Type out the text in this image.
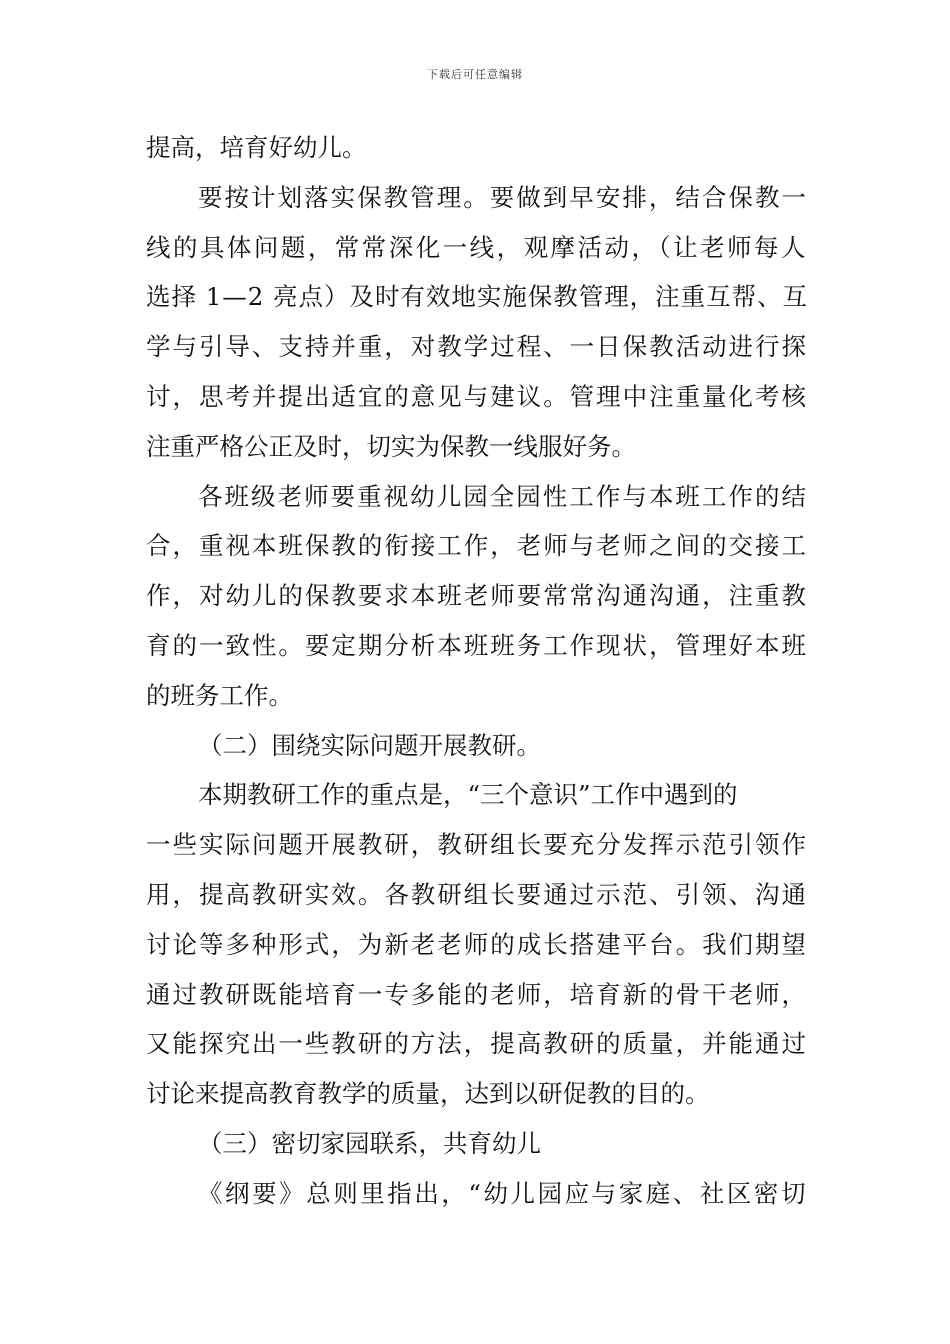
下载后可任意编辑
提高，培育好幼儿。
要按计划落实保教管理。要做到早安排，结合保教一
线的具体问题，常常深化一线，观摩活动，（让老师每人
选择 1—2 亮点）及时有效地实施保教管理，注重互帮、互
学与引导、支持并重，对教学过程、一日保教活动进行探
讨，思考并提出适宜的意见与建议。管理中注重量化考核
注重严格公正及时，切实为保教一线服好务。
各班级老师要重视幼儿园全园性工作与本班工作的结
合，重视本班保教的衔接工作，老师与老师之间的交接工
作，对幼儿的保教要求本班老师要常常沟通沟通，注重教
育的一致性。要定期分析本班班务工作现状，管理好本班
的班务工作。
（二）围绕实际问题开展教研。
本期教研工作的重点是，“三个意识”工作中遇到的
一些实际问题开展教研，教研组长要充分发挥示范引领作
用，提高教研实效。各教研组长要通过示范、引领、沟通
讨论等多种形式，为新老老师的成长搭建平台。我们期望
通过教研既能培育一专多能的老师，培育新的骨干老师，
又能探究出一些教研的方法，提高教研的质量，并能通过
讨论来提高教育教学的质量，达到以研促教的目的。
（三）密切家园联系，共育幼儿
《纲要》总则里指出，“幼儿园应与家庭、社区密切
